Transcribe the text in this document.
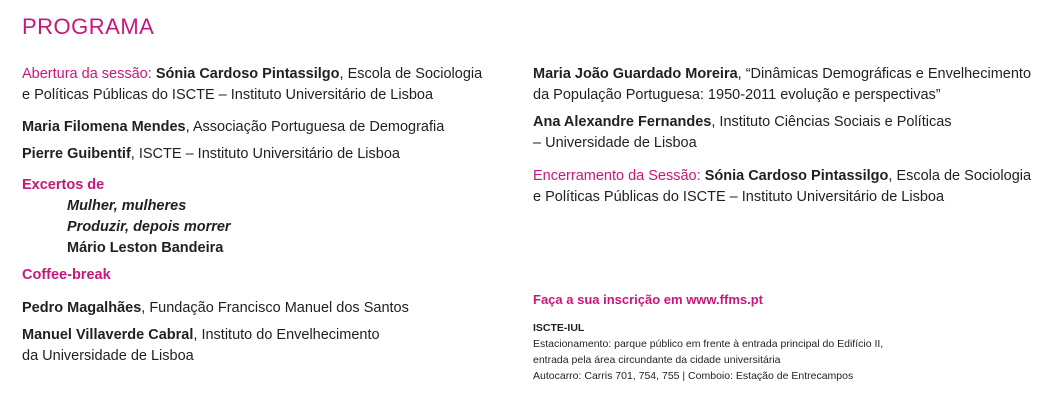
PROGRAMA

Abertura da sessão: Sónia Cardoso Pintassilgo, Escola de Sociologia
e Políticas Públicas do ISCTE – Instituto Universitário de Lisboa

Maria Filomena Mendes, Associação Portuguesa de Demografia

Pierre Guibentif, ISCTE – Instituto Universitário de Lisboa

Excertos de

Mulher, mulheres

Produzir, depois morrer

Mário Leston Bandeira

Coffee-break

Pedro Magalhães, Fundação Francisco Manuel dos Santos

Manuel Villaverde Cabral, Instituto do Envelhecimento
da Universidade de Lisboa

Maria João Guardado Moreira, “Dinâmicas Demográficas e Envelhecimento
da População Portuguesa: 1950-2011 evolução e perspectivas”

Ana Alexandre Fernandes, Instituto Ciências Sociais e Políticas
– Universidade de Lisboa

Encerramento da Sessão: Sónia Cardoso Pintassilgo, Escola de Sociologia
e Políticas Públicas do ISCTE – Instituto Universitário de Lisboa

Faça a sua inscrição em www.ffms.pt

ISCTE-IUL

Estacionamento: parque público em frente à entrada principal do Edifício II,

entrada pela área circundante da cidade universitária

Autocarro: Carris 701, 754, 755 | Comboio: Estação de Entrecampos
